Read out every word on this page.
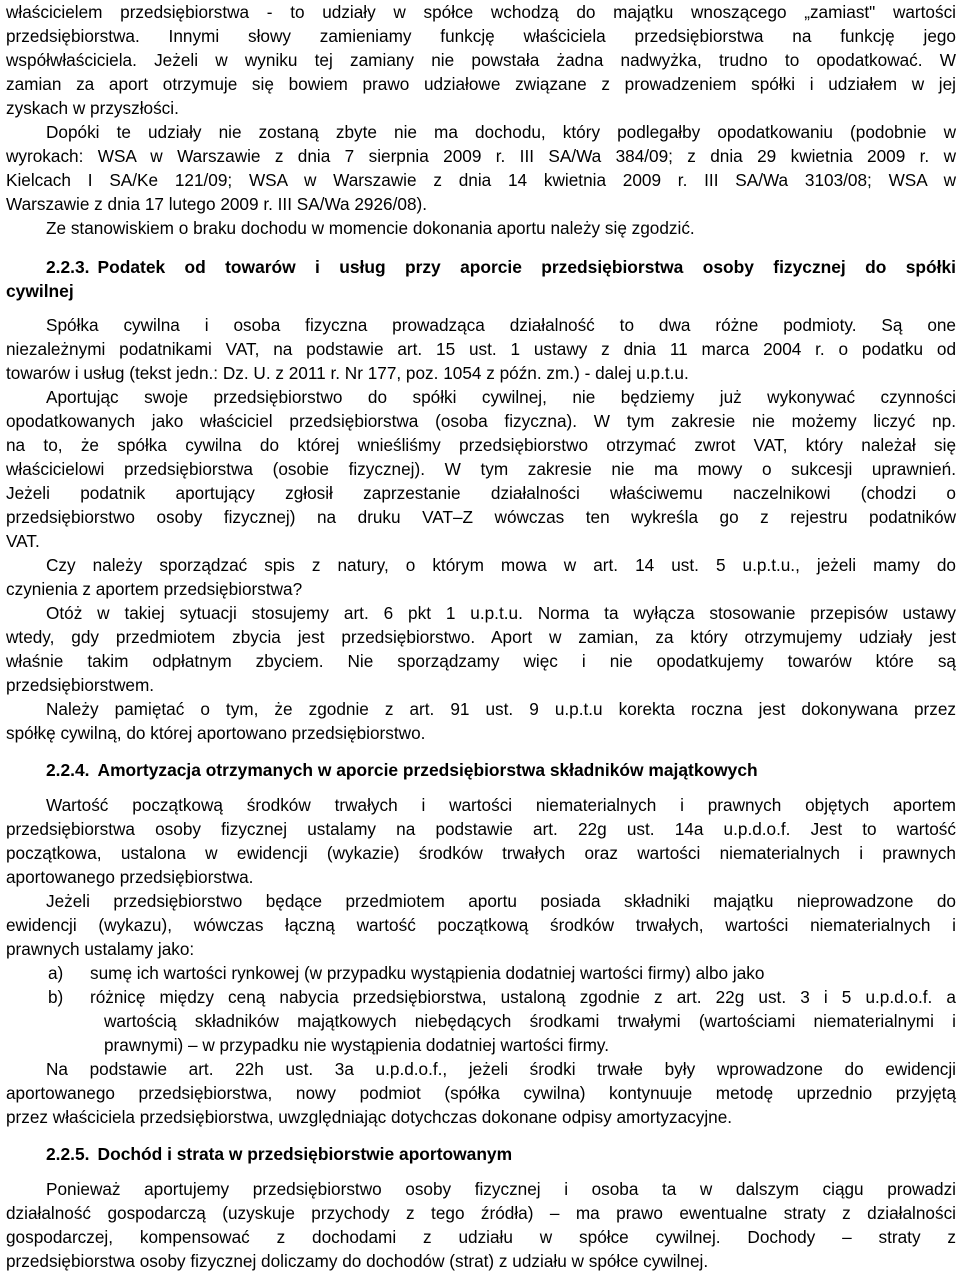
właścicielem przedsiębiorstwa - to udziały w spółce wchodzą do majątku wnoszącego „zamiast" wartości
przedsiębiorstwa. Innymi słowy zamieniamy funkcję właściciela przedsiębiorstwa na funkcję jego
współwłaściciela. Jeżeli w wyniku tej zamiany nie powstała żadna nadwyżka, trudno to opodatkować. W
zamian za aport otrzymuje się bowiem prawo udziałowe związane z prowadzeniem spółki i udziałem w jej
zyskach w przyszłości.
Dopóki te udziały nie zostaną zbyte nie ma dochodu, który podlegałby opodatkowaniu (podobnie w
wyrokach: WSA w Warszawie z dnia 7 sierpnia 2009 r. III SA/Wa 384/09; z dnia 29 kwietnia 2009 r. w
Kielcach I SA/Ke 121/09; WSA w Warszawie z dnia 14 kwietnia 2009 r. III SA/Wa 3103/08; WSA w
Warszawie z dnia 17 lutego 2009 r. III SA/Wa 2926/08).
Ze stanowiskiem o braku dochodu w momencie dokonania aportu należy się zgodzić.
2.2.3. Podatek od towarów i usług przy aporcie przedsiębiorstwa osoby fizycznej do spółki
cywilnej
Spółka cywilna i osoba fizyczna prowadząca działalność to dwa różne podmioty. Są one
niezależnymi podatnikami VAT, na podstawie art. 15 ust. 1 ustawy z dnia 11 marca 2004 r. o podatku od
towarów i usług (tekst jedn.: Dz. U. z 2011 r. Nr 177, poz. 1054 z późn. zm.) - dalej u.p.t.u.
Aportując swoje przedsiębiorstwo do spółki cywilnej, nie będziemy już wykonywać czynności
opodatkowanych jako właściciel przedsiębiorstwa (osoba fizyczna). W tym zakresie nie możemy liczyć np.
na to, że spółka cywilna do której wnieśliśmy przedsiębiorstwo otrzymać zwrot VAT, który należał się
właścicielowi przedsiębiorstwa (osobie fizycznej). W tym zakresie nie ma mowy o sukcesji uprawnień.
Jeżeli podatnik aportujący zgłosił zaprzestanie działalności właściwemu naczelnikowi (chodzi o
przedsiębiorstwo osoby fizycznej) na druku VAT–Z wówczas ten wykreśla go z rejestru podatników
VAT.
Czy należy sporządzać spis z natury, o którym mowa w art. 14 ust. 5 u.p.t.u., jeżeli mamy do
czynienia z aportem przedsiębiorstwa?
Otóż w takiej sytuacji stosujemy art. 6 pkt 1 u.p.t.u. Norma ta wyłącza stosowanie przepisów ustawy
wtedy, gdy przedmiotem zbycia jest przedsiębiorstwo. Aport w zamian, za który otrzymujemy udziały jest
właśnie takim odpłatnym zbyciem. Nie sporządzamy więc i nie opodatkujemy towarów które są
przedsiębiorstwem.
Należy pamiętać o tym, że zgodnie z art. 91 ust. 9 u.p.t.u korekta roczna jest dokonywana przez
spółkę cywilną, do której aportowano przedsiębiorstwo.
2.2.4. Amortyzacja otrzymanych w aporcie przedsiębiorstwa składników majątkowych
Wartość początkową środków trwałych i wartości niematerialnych i prawnych objętych aportem
przedsiębiorstwa osoby fizycznej ustalamy na podstawie art. 22g ust. 14a u.p.d.o.f. Jest to wartość
początkowa, ustalona w ewidencji (wykazie) środków trwałych oraz wartości niematerialnych i prawnych
aportowanego przedsiębiorstwa.
Jeżeli przedsiębiorstwo będące przedmiotem aportu posiada składniki majątku nieprowadzone do
ewidencji (wykazu), wówczas łączną wartość początkową środków trwałych, wartości niematerialnych i
prawnych ustalamy jako:
a)	sumę ich wartości rynkowej (w przypadku wystąpienia dodatniej wartości firmy) albo jako
b)	różnicę między ceną nabycia przedsiębiorstwa, ustaloną zgodnie z art. 22g ust. 3 i 5 u.p.d.o.f. a
wartością składników majątkowych niebędących środkami trwałymi (wartościami niematerialnymi i
prawnymi) – w przypadku nie wystąpienia dodatniej wartości firmy.
Na podstawie art. 22h ust. 3a u.p.d.o.f., jeżeli środki trwałe były wprowadzone do ewidencji
aportowanego przedsiębiorstwa, nowy podmiot (spółka cywilna) kontynuuje metodę uprzednio przyjętą
przez właściciela przedsiębiorstwa, uwzględniając dotychczas dokonane odpisy amortyzacyjne.
2.2.5. Dochód i strata w przedsiębiorstwie aportowanym
Ponieważ aportujemy przedsiębiorstwo osoby fizycznej i osoba ta w dalszym ciągu prowadzi
działalność gospodarczą (uzyskuje przychody z tego źródła) – ma prawo ewentualne straty z działalności
gospodarczej, kompensować z dochodami z udziału w spółce cywilnej. Dochody – straty z
przedsiębiorstwa osoby fizycznej doliczamy do dochodów (strat) z udziału w spółce cywilnej.
